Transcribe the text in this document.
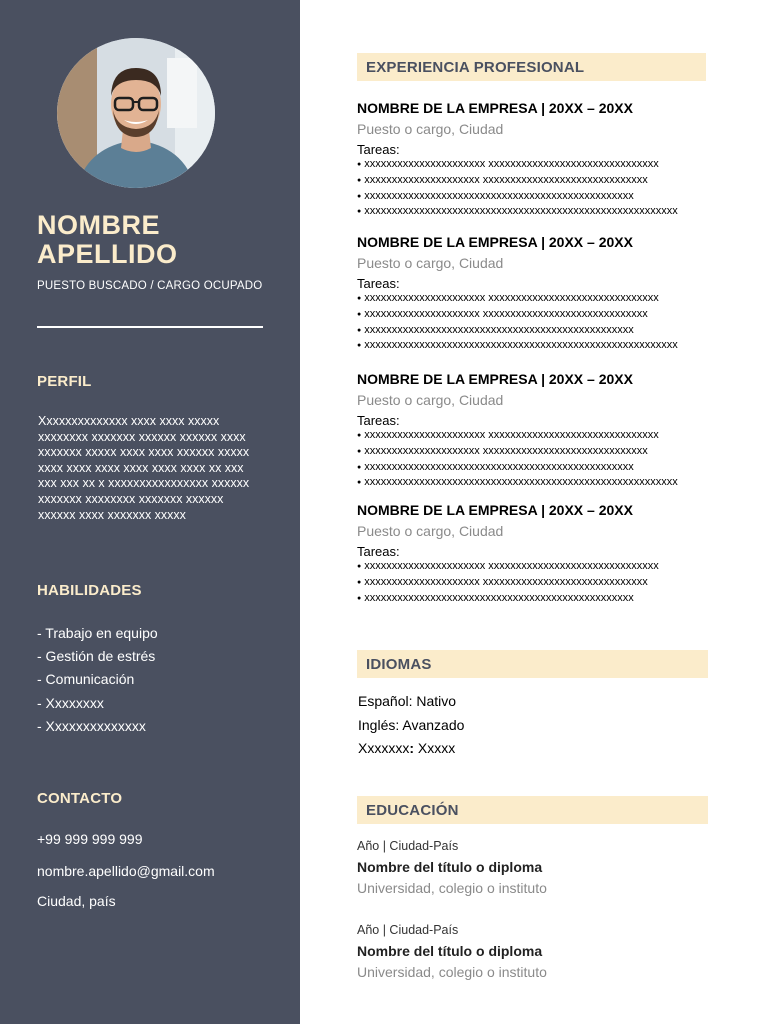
NOMBRE
APELLIDO
PUESTO BUSCADO / CARGO OCUPADO
PERFIL
Xxxxxxxxxxxxxx xxxx xxxx xxxxx xxxxxxxx xxxxxxx xxxxxx xxxxxx xxxx xxxxxxx xxxxx xxxx xxxx xxxxxx xxxxx xxxx xxxx xxxx xxxx xxxx xxxx xx xxx xxx xxx xx x xxxxxxxxxxxxxxxx xxxxxx xxxxxxx xxxxxxxx xxxxxxx xxxxxx xxxxxx xxxx xxxxxxx xxxxx
HABILIDADES
- Trabajo en equipo
- Gestión de estrés
- Comunicación
- Xxxxxxxx
- Xxxxxxxxxxxxxx
CONTACTO
+99 999 999 999
nombre.apellido@gmail.com
Ciudad, país
EXPERIENCIA PROFESIONAL

NOMBRE DE LA EMPRESA | 20XX – 20XX

Puesto o cargo, Ciudad
Tareas:
● xxxxxxxxxxxxxxxxxxxxxx xxxxxxxxxxxxxxxxxxxxxxxxxxxxxxx
● xxxxxxxxxxxxxxxxxxxxx xxxxxxxxxxxxxxxxxxxxxxxxxxxxxx
● xxxxxxxxxxxxxxxxxxxxxxxxxxxxxxxxxxxxxxxxxxxxxxxxx
● xxxxxxxxxxxxxxxxxxxxxxxxxxxxxxxxxxxxxxxxxxxxxxxxxxxxxxxxx

NOMBRE DE LA EMPRESA | 20XX – 20XX

Puesto o cargo, Ciudad
Tareas:
● xxxxxxxxxxxxxxxxxxxxxx xxxxxxxxxxxxxxxxxxxxxxxxxxxxxxx
● xxxxxxxxxxxxxxxxxxxxx xxxxxxxxxxxxxxxxxxxxxxxxxxxxxx
● xxxxxxxxxxxxxxxxxxxxxxxxxxxxxxxxxxxxxxxxxxxxxxxxx
● xxxxxxxxxxxxxxxxxxxxxxxxxxxxxxxxxxxxxxxxxxxxxxxxxxxxxxxxx

NOMBRE DE LA EMPRESA | 20XX – 20XX

Puesto o cargo, Ciudad
Tareas:
● xxxxxxxxxxxxxxxxxxxxxx xxxxxxxxxxxxxxxxxxxxxxxxxxxxxxx
● xxxxxxxxxxxxxxxxxxxxx xxxxxxxxxxxxxxxxxxxxxxxxxxxxxx
● xxxxxxxxxxxxxxxxxxxxxxxxxxxxxxxxxxxxxxxxxxxxxxxxx
● xxxxxxxxxxxxxxxxxxxxxxxxxxxxxxxxxxxxxxxxxxxxxxxxxxxxxxxxx

NOMBRE DE LA EMPRESA | 20XX – 20XX

Puesto o cargo, Ciudad
Tareas:
● xxxxxxxxxxxxxxxxxxxxxx xxxxxxxxxxxxxxxxxxxxxxxxxxxxxxx
● xxxxxxxxxxxxxxxxxxxxx xxxxxxxxxxxxxxxxxxxxxxxxxxxxxx
● xxxxxxxxxxxxxxxxxxxxxxxxxxxxxxxxxxxxxxxxxxxxxxxxx
IDIOMAS
Español: Nativo
Inglés: Avanzado
Xxxxxxx: Xxxxx
EDUCACIÓN
Año | Ciudad-País
Nombre del título o diploma
Universidad, colegio o instituto
Año | Ciudad-País
Nombre del título o diploma
Universidad, colegio o instituto
